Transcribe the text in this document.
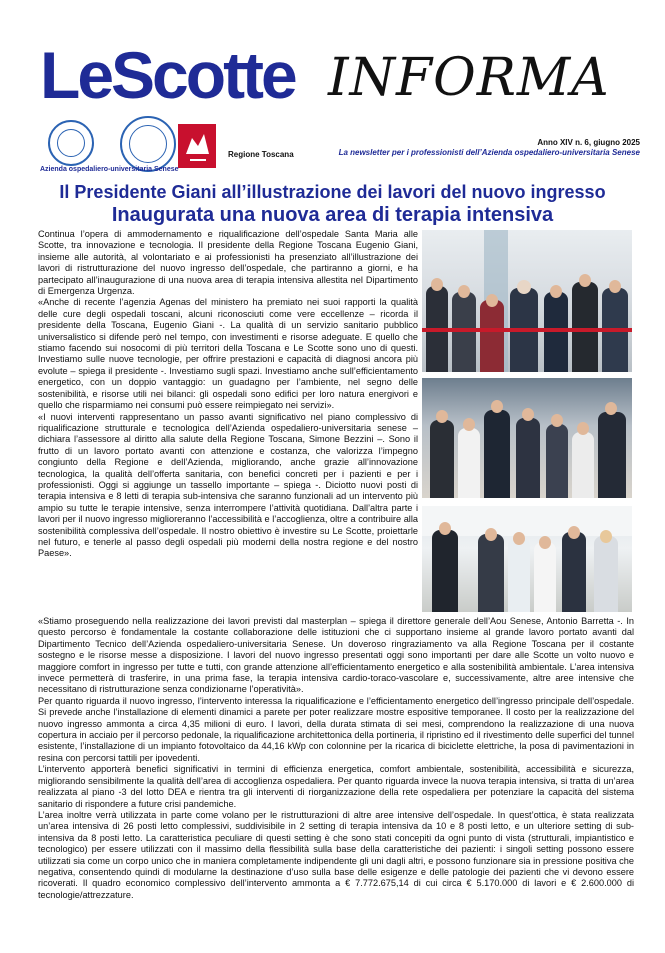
LeScotte INFORMA
Azienda ospedaliero-universitaria Senese
Regione Toscana
Anno XIV n. 6, giugno 2025
La newsletter per i professionisti dell’Azienda ospedaliero-universitaria Senese
Il Presidente Giani all’illustrazione dei lavori del nuovo ingresso
Inaugurata una nuova area di terapia intensiva

Continua l’opera di ammodernamento e riqualificazione dell’ospedale Santa Maria alle Scotte, tra innovazione e tecnologia. Il presidente della Regione Toscana Eugenio Giani, insieme alle autorità, al volontariato e ai professionisti ha presenziato all’illustrazione dei lavori di ristrutturazione del nuovo ingresso dell’ospedale, che partiranno a giorni, e ha partecipato all’inaugurazione di una nuova area di terapia intensiva allestita nel Dipartimento di Emergenza Urgenza.

«Anche di recente l’agenzia Agenas del ministero ha premiato nei suoi rapporti la qualità delle cure degli ospedali toscani, alcuni riconosciuti come vere eccellenze – ricorda il presidente della Toscana, Eugenio Giani -. La qualità di un servizio sanitario pubblico universalistico si difende però nel tempo, con investimenti e risorse adeguate. E quello che stiamo facendo sui nosocomi di più territori della Toscana e Le Scotte sono uno di questi. Investiamo sulle nuove tecnologie, per offrire prestazioni e capacità di diagnosi ancora più evolute – spiega il presidente -. Investiamo sugli spazi. Investiamo anche sull’efficientamento energetico, con un doppio vantaggio: un guadagno per l’ambiente, nel segno delle sostenibilità, e risorse utili nei bilanci: gli ospedali sono edifici per loro natura energivori e quello che risparmiamo nei consumi può essere reimpiegato nei servizi».

«I nuovi interventi rappresentano un passo avanti significativo nel piano complessivo di riqualificazione strutturale e tecnologica dell’Azienda ospedaliero-universitaria senese – dichiara l’assessore al diritto alla salute della Regione Toscana, Simone Bezzini –. Sono il frutto di un lavoro portato avanti con attenzione e costanza, che valorizza l’impegno congiunto della Regione e dell’Azienda, migliorando, anche grazie all’innovazione tecnologica, la qualità dell’offerta sanitaria, con benefici concreti per i pazienti e per i professionisti. Oggi si aggiunge un tassello importante – spiega -. Diciotto nuovi posti di terapia intensiva e 8 letti di terapia sub-intensiva che saranno funzionali ad un intervento più ampio su tutte le terapie intensive, senza interrompere l’attività quotidiana. Dall’altra parte i lavori per il nuovo ingresso miglioreranno l’accessibilità e l’accoglienza, oltre a contribuire alla sostenibilità complessiva dell’ospedale. Il nostro obiettivo è investire su Le Scotte, proiettarle nel futuro, e tenerle al passo degli ospedali più moderni della nostra regione e del nostro Paese».

«Stiamo proseguendo nella realizzazione dei lavori previsti dal masterplan – spiega il direttore generale dell’Aou Senese, Antonio Barretta -. In questo percorso è fondamentale la costante collaborazione delle istituzioni che ci supportano insieme al grande lavoro portato avanti dal Dipartimento Tecnico dell’Azienda ospedaliero-universitaria Senese. Un doveroso ringraziamento va alla Regione Toscana per il costante sostegno e le risorse messe a disposizione. I lavori del nuovo ingresso presentati oggi sono importanti per dare alle Scotte un volto nuovo e maggiore comfort in ingresso per tutte e tutti, con grande attenzione all’efficientamento energetico e alla sostenibilità ambientale. L’area intensiva invece permetterà di trasferire, in una prima fase, la terapia intensiva cardio-toraco-vascolare e, successivamente, altre aree intensive che necessitano di ristrutturazione senza condizionarne l’operatività».

Per quanto riguarda il nuovo ingresso, l’intervento interessa la riqualificazione e l’efficientamento energetico dell’ingresso principale dell’ospedale. Si prevede anche l’installazione di elementi dinamici a parete per poter realizzare mostre espositive temporanee. Il costo per la realizzazione del nuovo ingresso ammonta a circa 4,35 milioni di euro. I lavori, della durata stimata di sei mesi, comprendono la realizzazione di una nuova copertura in acciaio per il percorso pedonale, la riqualificazione architettonica della portineria, il ripristino ed il rivestimento delle superfici del tunnel esistente, l’installazione di un impianto fotovoltaico da 44,16 kWp con colonnine per la ricarica di biciclette elettriche, la posa di pavimentazioni in resina con percorsi tattili per ipovedenti.

L’intervento apporterà benefici significativi in termini di efficienza energetica, comfort ambientale, sostenibilità, accessibilità e sicurezza, migliorando sensibilmente la qualità dell’area di accoglienza ospedaliera. Per quanto riguarda invece la nuova terapia intensiva, si tratta di un’area realizzata al piano -3 del lotto DEA e rientra tra gli interventi di riorganizzazione della rete ospedaliera per potenziare la capacità del sistema sanitario di rispondere a future crisi pandemiche.

L’area inoltre verrà utilizzata in parte come volano per le ristrutturazioni di altre aree intensive dell’ospedale. In quest’ottica, è stata realizzata un’area intensiva di 26 posti letto complessivi, suddivisibile in 2 setting di terapia intensiva da 10 e 8 posti letto, e un ulteriore setting di sub-intensiva da 8 posti letto. La caratteristica peculiare di questi setting è che sono stati concepiti da ogni punto di vista (strutturali, impiantistico e tecnologico) per essere utilizzati con il massimo della flessibilità sulla base della caratteristiche dei pazienti: i singoli setting possono essere utilizzati sia come un corpo unico che in maniera completamente indipendente gli uni dagli altri, e possono funzionare sia in pressione positiva che negativa, consentendo quindi di modularne la destinazione d’uso sulla base delle esigenze e delle patologie dei pazienti che vi devono essere ricoverati. Il quadro economico complessivo dell’intervento ammonta a € 7.772.675,14 di cui circa € 5.170.000 di lavori e € 2.600.000 di tecnologie/attrezzature.
